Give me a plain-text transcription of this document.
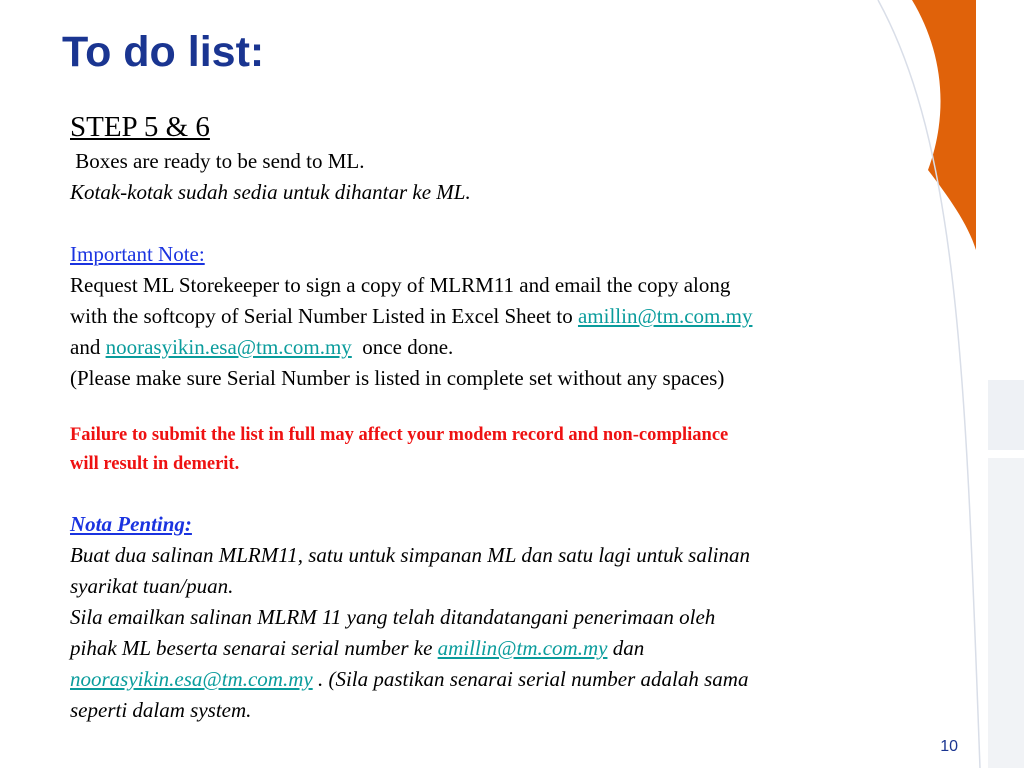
To do list:

STEP 5 & 6

Boxes are ready to be send to ML.

Kotak-kotak sudah sedia untuk dihantar ke ML.

Important Note:

Request ML Storekeeper to sign a copy of MLRM11 and email the copy along

with the softcopy of Serial Number Listed in Excel Sheet to amillin@tm.com.my

and noorasyikin.esa@tm.com.my  once done.

(Please make sure Serial Number is listed in complete set without any spaces)

Failure to submit the list in full may affect your modem record and non-compliance

will result in demerit.

Nota Penting:

Buat dua salinan MLRM11, satu untuk simpanan ML dan satu lagi untuk salinan

syarikat tuan/puan.

Sila emailkan salinan MLRM 11 yang telah ditandatangani penerimaan oleh

pihak ML beserta senarai serial number ke amillin@tm.com.my dan

noorasyikin.esa@tm.com.my . (Sila pastikan senarai serial number adalah sama

seperti dalam system.

10
